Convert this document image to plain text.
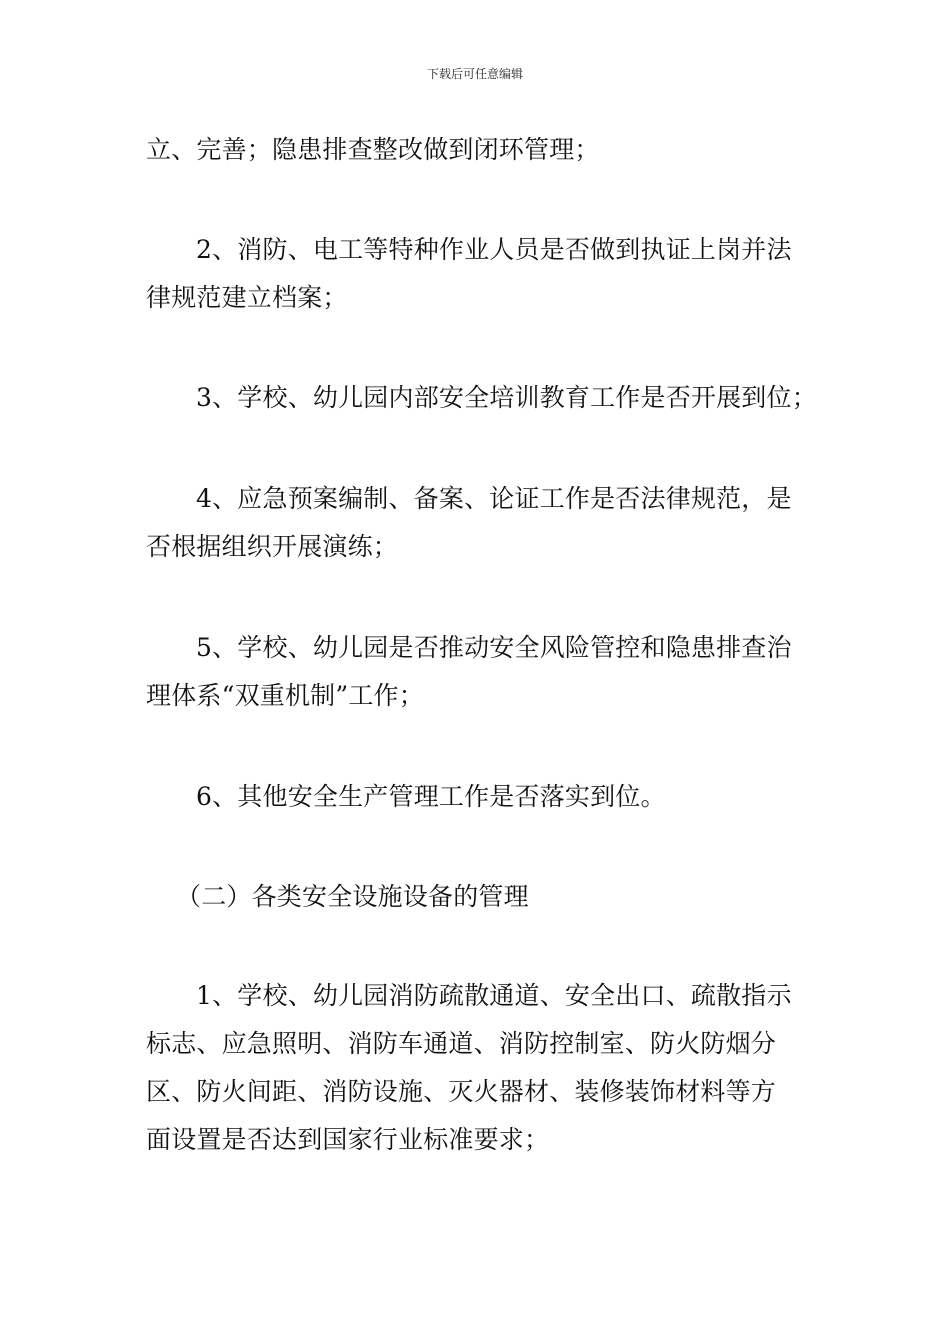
下载后可任意编辑

立、完善；隐患排查整改做到闭环管理；

2、消防、电工等特种作业人员是否做到执证上岗并法
律规范建立档案；

3、学校、幼儿园内部安全培训教育工作是否开展到位；

4、应急预案编制、备案、论证工作是否法律规范，是
否根据组织开展演练；

5、学校、幼儿园是否推动安全风险管控和隐患排查治
理体系“双重机制”工作；

6、其他安全生产管理工作是否落实到位。

（二）各类安全设施设备的管理

1、学校、幼儿园消防疏散通道、安全出口、疏散指示
标志、应急照明、消防车通道、消防控制室、防火防烟分
区、防火间距、消防设施、灭火器材、装修装饰材料等方
面设置是否达到国家行业标准要求；
